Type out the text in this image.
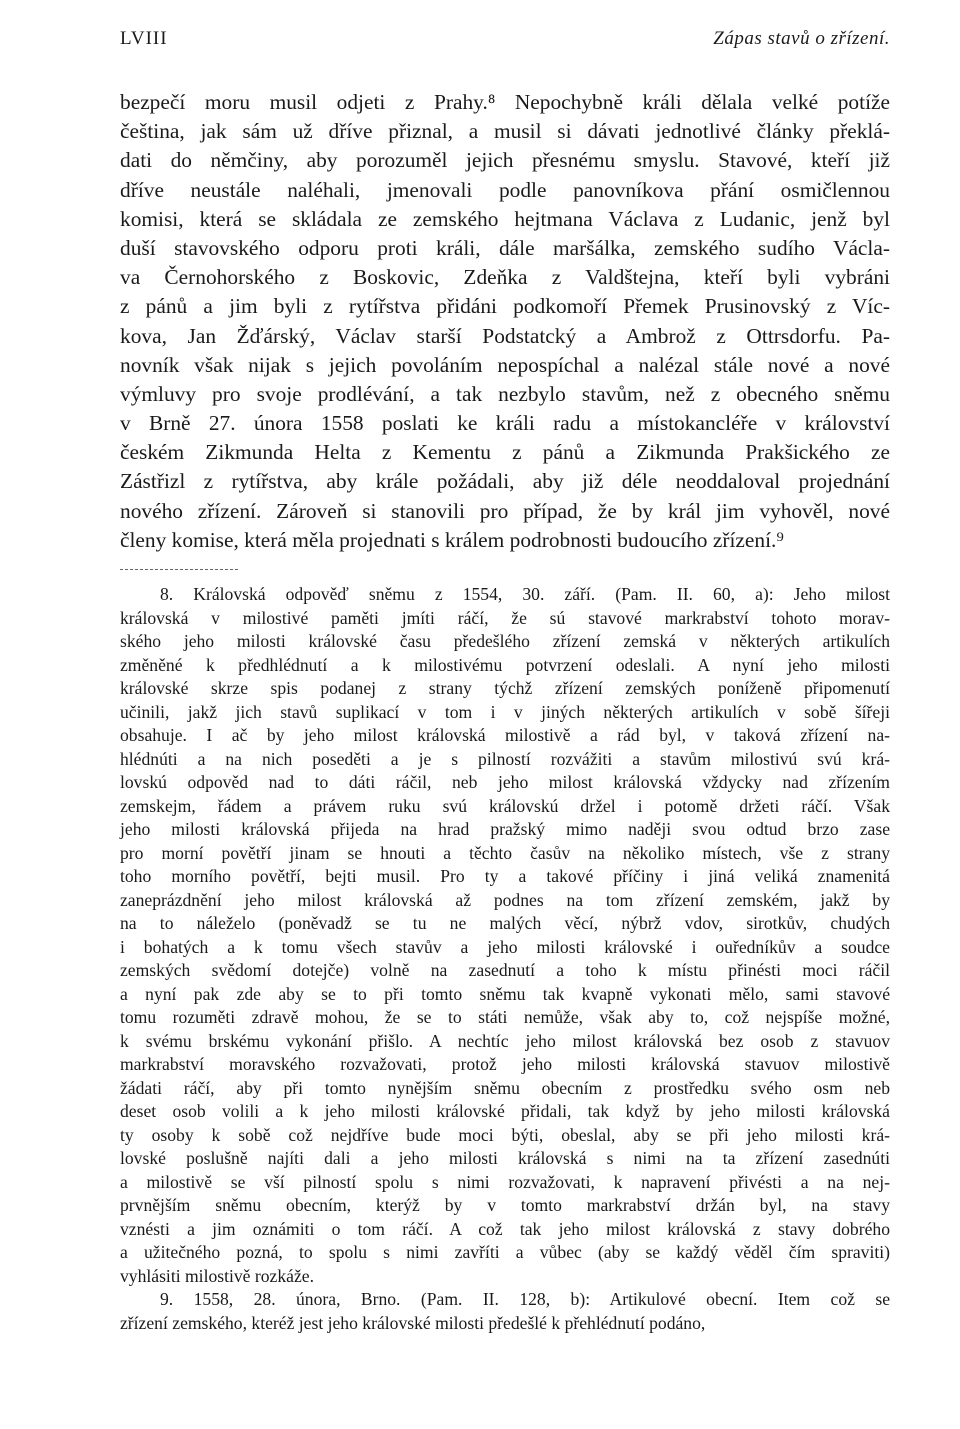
LVIII	Zápas stavů o zřízení.
bezpečí moru musil odjeti z Prahy.⁸ Nepochybně králi dělala velké potíže
čeština, jak sám už dříve přiznal, a musil si dávati jednotlivé články překlá-
dati do němčiny, aby porozuměl jejich přesnému smyslu. Stavové, kteří již
dříve neustále naléhali, jmenovali podle panovníkova přání osmičlennou
komisi, která se skládala ze zemského hejtmana Václava z Ludanic, jenž byl
duší stavovského odporu proti králi, dále maršálka, zemského sudího Václa-
va Černohorského z Boskovic, Zdeňka z Valdštejna, kteří byli vybráni
z pánů a jim byli z rytířstva přidáni podkomoří Přemek Prusinovský z Víc-
kova, Jan Žďárský, Václav starší Podstatcký a Ambrož z Ottrsdorfu. Pa-
novník však nijak s jejich povoláním nepospíchal a nalézal stále nové a nové
výmluvy pro svoje prodlévání, a tak nezbylo stavům, než z obecného sněmu
v Brně 27. února 1558 poslati ke králi radu a místokancléře v království
českém Zikmunda Helta z Kementu z pánů a Zikmunda Prakšického ze
Zástřizl z rytířstva, aby krále požádali, aby již déle neoddaloval projednání
nového zřízení. Zároveň si stanovili pro případ, že by král jim vyhověl, nové
členy komise, která měla projednati s králem podrobnosti budoucího zřízení.⁹
8. Královská odpověď sněmu z 1554, 30. září. (Pam. II. 60, a): Jeho milost
královská v milostivé paměti jmíti ráčí, že sú stavové markrabství tohoto morav-
ského jeho milosti královské času předešlého zřízení zemská v některých artikulích
změněné k předhlédnutí a k milostivému potvrzení odeslali. A nyní jeho milosti
královské skrze spis podanej z strany týchž zřízení zemských poníženě připomenutí
učinili, jakž jich stavů suplikací v tom i v jiných některých artikulích v sobě šířeji
obsahuje. I ač by jeho milost královská milostivě a rád byl, v taková zřízení na-
hlédnúti a na nich poseděti a je s pilností rozvážiti a stavům milostivú svú krá-
lovskú odpověd nad to dáti ráčil, neb jeho milost královská vždycky nad zřízením
zemskejm, řádem a právem ruku svú královskú držel i potomě držeti ráčí. Však
jeho milosti královská přijeda na hrad pražský mimo naději svou odtud brzo zase
pro morní povětří jinam se hnouti a těchto časův na několiko místech, vše z strany
toho morního povětří, bejti musil. Pro ty a takové příčiny i jiná veliká znamenitá
zaneprázdnění jeho milost královská až podnes na tom zřízení zemském, jakž by
na to náleželo (poněvadž se tu ne malých věcí, nýbrž vdov, sirotkův, chudých
i bohatých a k tomu všech stavův a jeho milosti královské i ouředníkův a soudce
zemských svědomí dotejče) volně na zasednutí a toho k místu přinésti moci ráčil
a nyní pak zde aby se to při tomto sněmu tak kvapně vykonati mělo, sami stavové
tomu rozuměti zdravě mohou, že se to státi nemůže, však aby to, což nejspíše možné,
k svému brskému vykonání přišlo. A nechtíc jeho milost královská bez osob z stavuov
markrabství moravského rozvažovati, protož jeho milosti královská stavuov milostivě
žádati ráčí, aby při tomto nynějším sněmu obecním z prostředku svého osm neb
deset osob volili a k jeho milosti královské přidali, tak když by jeho milosti královská
ty osoby k sobě což nejdříve bude moci býti, obeslal, aby se při jeho milosti krá-
lovské poslušně najíti dali a jeho milosti královská s nimi na ta zřízení zasednúti
a milostivě se vší pilností spolu s nimi rozvažovati, k napravení přivésti a na nej-
prvnějším sněmu obecním, kterýž by v tomto markrabství držán byl, na stavy
vznésti a jim oznámiti o tom ráčí. A což tak jeho milost královská z stavy dobrého
a užitečného pozná, to spolu s nimi zavříti a vůbec (aby se každý věděl čím spraviti)
vyhlásiti milostivě rozkáže.
9. 1558, 28. února, Brno. (Pam. II. 128, b): Artikulové obecní. Item což se
zřízení zemského, kteréž jest jeho královské milosti předešlé k přehlédnutí podáno,
